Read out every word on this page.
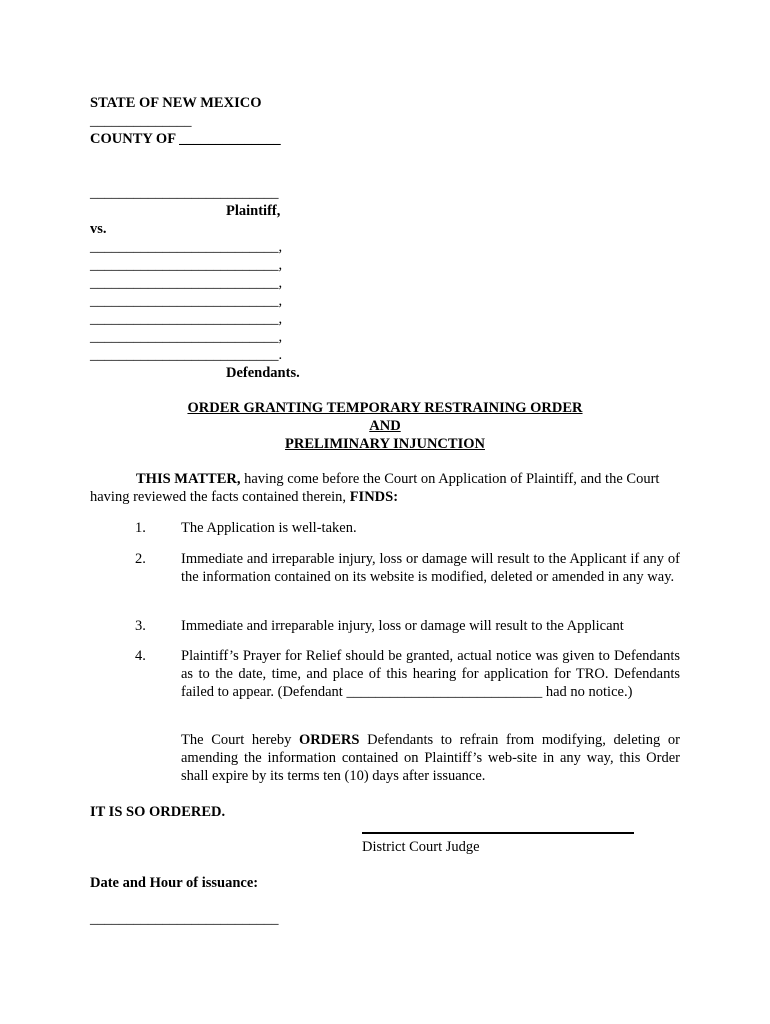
STATE OF NEW MEXICO
______________
COUNTY OF ______________
__________________________
Plaintiff,
vs.
__________________________,
__________________________,
__________________________,
__________________________,
__________________________,
__________________________,
__________________________.
Defendants.
ORDER GRANTING TEMPORARY RESTRAINING ORDER
AND
PRELIMINARY INJUNCTION
THIS MATTER, having come before the Court on Application of Plaintiff, and the Court having reviewed the facts contained therein, FINDS:
1. The Application is well-taken.
2. Immediate and irreparable injury, loss or damage will result to the Applicant if any of the information contained on its website is modified, deleted or amended in any way.
3. Immediate and irreparable injury, loss or damage will result to the Applicant
4. Plaintiff’s Prayer for Relief should be granted, actual notice was given to Defendants as to the date, time, and place of this hearing for application for TRO. Defendants failed to appear. (Defendant ___________________________ had no notice.)
The Court hereby ORDERS Defendants to refrain from modifying, deleting or amending the information contained on Plaintiff’s web-site in any way, this Order shall expire by its terms ten (10) days after issuance.
IT IS SO ORDERED.
District Court Judge
Date and Hour of issuance:
__________________________
